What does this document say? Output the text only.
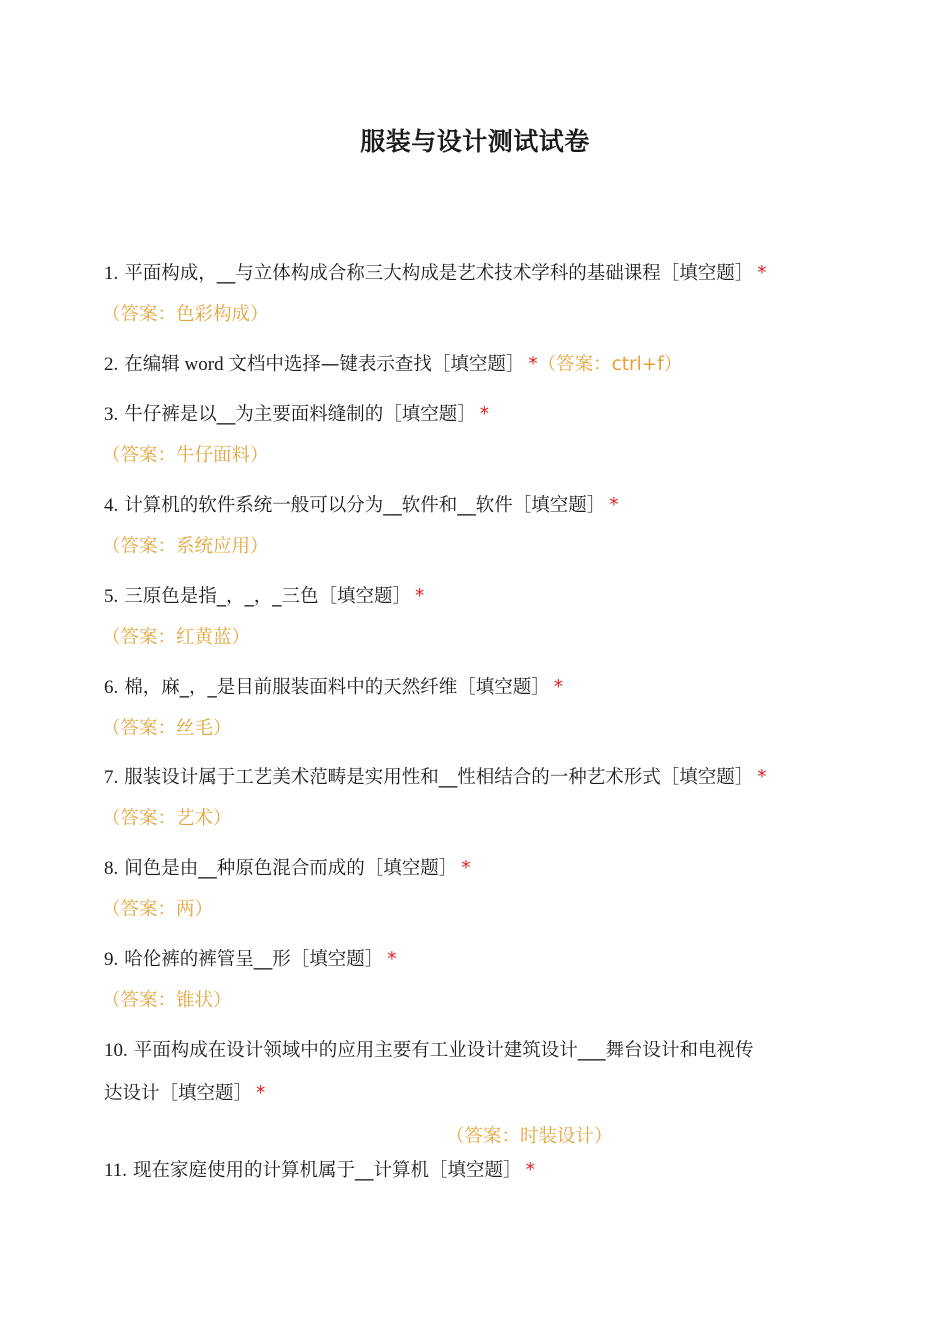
服装与设计测试试卷
1. 平面构成，__与立体构成合称三大构成是艺术技术学科的基础课程［填空题］ *
（答案：色彩构成）
2. 在编辑 word 文档中选择—键表示查找［填空题］ *（答案：ctrl+f）
3. 牛仔裤是以__为主要面料缝制的［填空题］ *
（答案：牛仔面料）
4. 计算机的软件系统一般可以分为__软件和__软件［填空题］ *
（答案：系统应用）
5. 三原色是指_，_，_三色［填空题］ *
（答案：红黄蓝）
6. 棉，麻_，_是目前服装面料中的天然纤维［填空题］ *
（答案：丝毛）
7. 服装设计属于工艺美术范畴是实用性和__性相结合的一种艺术形式［填空题］ *
（答案：艺术）
8. 间色是由__种原色混合而成的［填空题］ *
（答案：两）
9. 哈伦裤的裤管呈__形［填空题］ *
（答案：锥状）
10. 平面构成在设计领域中的应用主要有工业设计建筑设计___舞台设计和电视传
达设计［填空题］ *
（答案：时装设计）
11. 现在家庭使用的计算机属于__计算机［填空题］ *
